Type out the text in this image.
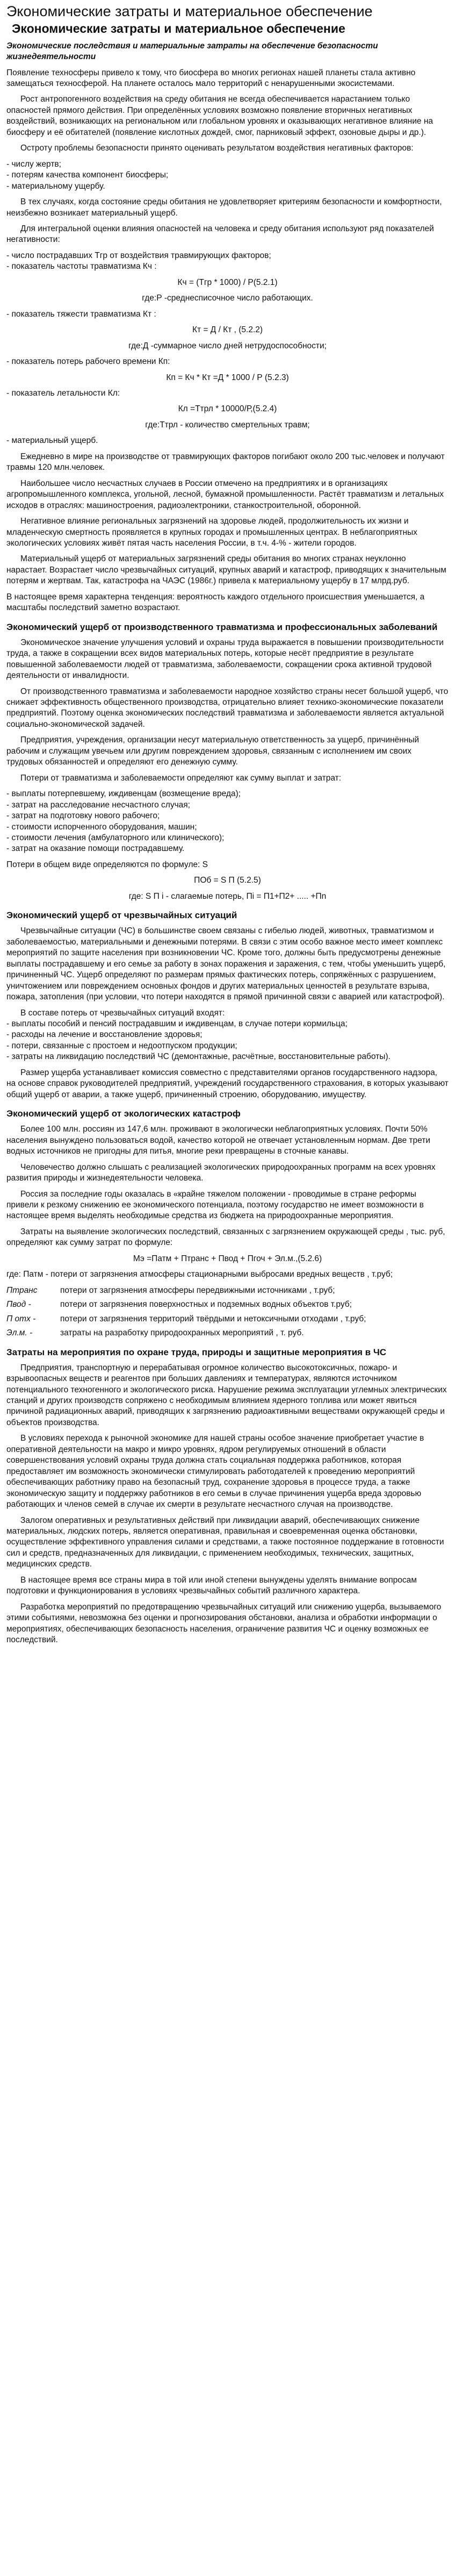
Экономические затраты и материальное обеспечение
Экономические затраты и материальное обеспечение

Экономические последствия и материальные затраты на обеспечение безопасности жизнедеятельности

Появление техносферы привело к тому, что биосфера во многих регионах нашей планеты стала активно замещаться техносферой. На планете осталось мало территорий с ненарушенными экосистемами.

Рост антропогенного воздействия на среду обитания не всегда обеспечивается нарастанием только опасностей прямого действия. При определённых условиях возможно появление вторичных негативных воздействий, возникающих на региональном или глобальном уровнях и оказывающих негативное влияние на биосферу и её обитателей (появление кислотных дождей, смог, парниковый эффект, озоновые дыры и др.).

Остроту проблемы безопасности принято оценивать результатом воздействия негативных факторов:

- числу жертв;
- потерям качества компонент биосферы;
- материальному ущербу.

В тех случаях, когда состояние среды обитания не удовлетворяет критериям безопасности и комфортности, неизбежно возникает материальный ущерб.

Для интегральной оценки влияния опасностей на человека и среду обитания используют ряд показателей негативности:

- число пострадавших Тгр от воздействия травмирующих факторов;
- показатель частоты травматизма Кч :

Кч = (Тгр * 1000) / Р(5.2.1)

где:Р -среднесписочное число работающих.

- показатель тяжести травматизма Кт :

Кт = Д / Кт , (5.2.2)

где:Д -суммарное число дней нетрудоспособности;

- показатель потерь рабочего времени Кп:

Кп = Кч * Кт =Д * 1000 / Р (5.2.3)

- показатель летальности Кл:

Кл =Ттрл * 10000/Р,(5.2.4)

где:Ттрл - количество смертельных травм;

- материальный ущерб.

Ежедневно в мире на производстве от травмирующих факторов погибают около 200 тыс.человек и получают травмы 120 млн.человек.

Наибольшее число несчастных случаев в России отмечено на предприятиях и в организациях агропромышленного комплекса, угольной, лесной, бумажной промышленности. Растёт травматизм и летальных исходов в отраслях: машиностроения, радиоэлектроники, станкостроительной, оборонной.

Негативное влияние региональных загрязнений на здоровье людей, продолжительность их жизни и младенческую смертность проявляется в крупных городах и промышленных центрах. В неблагоприятных экологических условиях живёт пятая часть населения России, в т.ч. 4-% - жители городов.

Материальный ущерб от материальных загрязнений среды обитания во многих странах неуклонно нарастает. Возрастает число чрезвычайных ситуаций, крупных аварий и катастроф, приводящих к значительным потерям и жертвам. Так, катастрофа на ЧАЭС (1986г.) привела к материальному ущербу в 17 млрд.руб.

В настоящее время характерна тенденция: вероятность каждого отдельного происшествия уменьшается, а масштабы последствий заметно возрастают.

Экономический ущерб от производственного травматизма и профессиональных заболеваний

Экономическое значение улучшения условий и охраны труда выражается в повышении производительности труда, а также в сокращении всех видов материальных потерь, которые несёт предприятие в результате повышенной заболеваемости людей от травматизма, заболеваемости, сокращении срока активной трудовой деятельности от инвалидности.

От производственного травматизма и заболеваемости народное хозяйство страны несет большой ущерб, что снижает эффективность общественного производства, отрицательно влияет технико-экономические показатели предприятий. Поэтому оценка экономических последствий травматизма и заболеваемости является актуальной социально-экономической задачей.

Предприятия, учреждения, организации несут материальную ответственность за ущерб, причинённый рабочим и служащим увечьем или другим повреждением здоровья, связанным с исполнением им своих трудовых обязанностей и определяют его денежную сумму.

Потери от травматизма и заболеваемости определяют как сумму выплат и затрат:

- выплаты потерпевшему, иждивенцам (возмещение вреда);
- затрат на расследование несчастного случая;
- затрат на подготовку нового рабочего;
- стоимости испорченного оборудования, машин;
- стоимости лечения (амбулаторного или клинического);
- затрат на оказание помощи пострадавшему.

Потери в общем виде определяются по формуле: S

ПОб = S П (5.2.5)

где: S П і - слагаемые потерь, Пі = П1+П2+ ..... +Пn

Экономический ущерб от чрезвычайных ситуаций

Чрезвычайные ситуации (ЧС) в большинстве своем связаны с гибелью людей, животных, травматизмом и заболеваемостью, материальными и денежными потерями. В связи с этим особо важное место имеет комплекс мероприятий по защите населения при возникновении ЧС. Кроме того, должны быть предусмотрены денежные выплаты пострадавшему и его семье за работу в зонах поражения и заражения, с тем, чтобы уменьшить ущерб, причиненный ЧС. Ущерб определяют по размерам прямых фактических потерь, сопряжённых с разрушением, уничтожением или повреждением основных фондов и других материальных ценностей в результате взрыва, пожара, затопления (при условии, что потери находятся в прямой причинной связи с аварией или катастрофой).

В составе потерь от чрезвычайных ситуаций входят:

- выплаты пособий и пенсий пострадавшим и иждивенцам, в случае потери кормильца;
- расходы на лечение и восстановление здоровья;
- потери, связанные с простоем и недоотпуском продукции;
- затраты на ликвидацию последствий ЧС (демонтажные, расчётные, восстановительные работы).

Размер ущерба устанавливает комиссия совместно с представителями органов государственного надзора, на основе справок руководителей предприятий, учреждений государственного страхования, в которых указывают общий ущерб от аварии, а также ущерб, причиненный строению, оборудованию, имуществу.

Экономический ущерб от экологических катастроф

Более 100 млн. россиян из 147,6 млн. проживают в экологически неблагоприятных условиях. Почти 50% населения вынуждено пользоваться водой, качество которой не отвечает установленным нормам. Две трети водных источников не пригодны для питья, многие реки превращены в сточные канавы.

Человечество должно слышать с реализацией экологических природоохранных программ на всех уровнях развития природы и жизнедеятельности человека.

Россия за последние годы оказалась в «крайне тяжелом положении - проводимые в стране реформы привели к резкому снижению ее экономического потенциала, поэтому государство не имеет возможности в настоящее время выделять необходимые средства из бюджета на природоохранные мероприятия.

Затраты на выявление экологических последствий, связанных с загрязнением окружающей среды , тыс. руб, определяют как сумму затрат по формуле:

Мэ =Патм + Птранс + Пвод + Пгоч + Эл.м.,(5.2.6)

где: Патм - потери от загрязнения атмосферы стационарными выбросами вредных веществ , т.руб;

Птранс	потери от загрязнения атмосферы передвижными источниками , т.руб;
Пвод -	потери от загрязнения поверхностных и подземных водных объектов т.руб;
П отх -	потери от загрязнения территорий твёрдыми и нетоксичными отходами , т.руб;
Эл.м. -	затраты на разработку природоохранных мероприятий , т. руб.
Затраты на мероприятия по охране труда, природы и защитные мероприятия в ЧС

Предприятия, транспортную и перерабатывая огромное количество высокотоксичных, пожаро- и взрывоопасных веществ и реагентов при больших давлениях и температурах, являются источником потенциального техногенного и экологического риска. Нарушение режима эксплуатации углемных электрических станций и других производств сопряжено с необходимым влиянием ядерного топлива или может явиться причиной радиационных аварий, приводящих к загрязнению радиоактивными веществами окружающей среды и объектов производства.

В условиях перехода к рыночной экономике для нашей страны особое значение приобретает участие в оперативной деятельности на макро и микро уровнях, ядром регулируемых отношений в области совершенствования условий охраны труда должна стать социальная поддержка работников, которая предоставляет им возможность экономически стимулировать работодателей к проведению мероприятий обеспечивающих работнику право на безопасный труд, сохранение здоровья в процессе труда, а также экономическую защиту и поддержку работников в его семьи в случае причинения ущерба вреда здоровью работающих и членов семей в случае их смерти в результате несчастного случая на производстве.

Залогом оперативных и результативных действий при ликвидации аварий, обеспечивающих снижение материальных, людских потерь, является оперативная, правильная и своевременная оценка обстановки, осуществление эффективного управления силами и средствами, а также постоянное поддержание в готовности сил и средств, предназначенных для ликвидации, с применением необходимых, технических, защитных, медицинских средств.

В настоящее время все страны мира в той или иной степени вынуждены уделять внимание вопросам подготовки и функционирования в условиях чрезвычайных событий различного характера.

Разработка мероприятий по предотвращению чрезвычайных ситуаций или снижению ущерба, вызываемого этими событиями, невозможна без оценки и прогнозирования обстановки, анализа и обработки информации о мероприятиях, обеспечивающих безопасность населения, ограничение развития ЧС и оценку возможных ее последствий.
